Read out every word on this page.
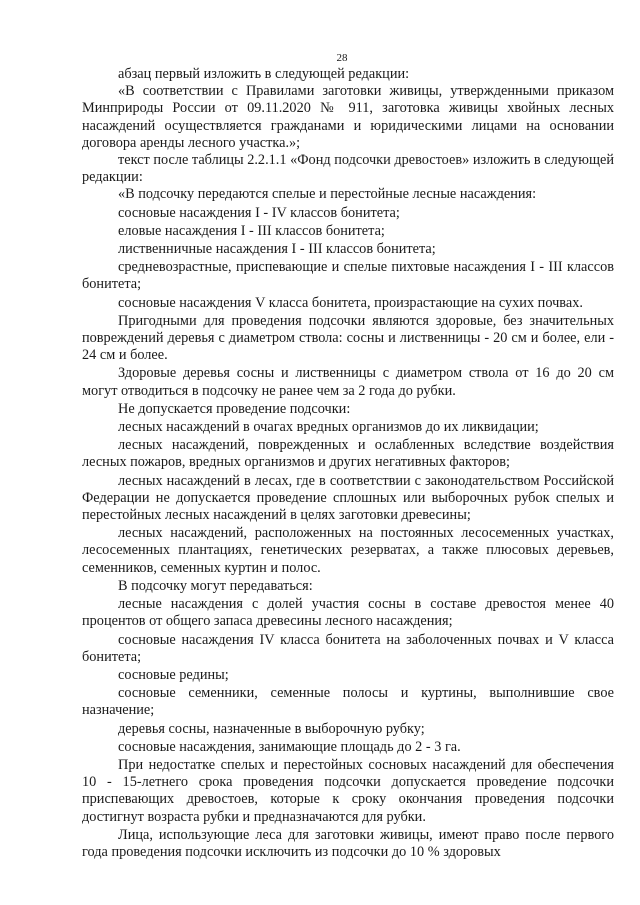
28

абзац первый изложить в следующей редакции:

«В соответствии с Правилами заготовки живицы, утвержденными приказом Минприроды России от 09.11.2020 № 911, заготовка живицы хвойных лесных насаждений осуществляется гражданами и юридическими лицами на основании договора аренды лесного участка.»;

текст после таблицы 2.2.1.1 «Фонд подсочки древостоев» изложить в следующей редакции:

«В подсочку передаются спелые и перестойные лесные насаждения:

сосновые насаждения I - IV классов бонитета;

еловые насаждения I - III классов бонитета;

лиственничные насаждения I - III классов бонитета;

средневозрастные, приспевающие и спелые пихтовые насаждения I - III классов бонитета;

сосновые насаждения V класса бонитета, произрастающие на сухих почвах.

Пригодными для проведения подсочки являются здоровые, без значительных повреждений деревья с диаметром ствола: сосны и лиственницы - 20 см и более, ели - 24 см и более.

Здоровые деревья сосны и лиственницы с диаметром ствола от 16 до 20 см могут отводиться в подсочку не ранее чем за 2 года до рубки.

Не допускается проведение подсочки:

лесных насаждений в очагах вредных организмов до их ликвидации;

лесных насаждений, поврежденных и ослабленных вследствие воздействия лесных пожаров, вредных организмов и других негативных факторов;

лесных насаждений в лесах, где в соответствии с законодательством Российской Федерации не допускается проведение сплошных или выборочных рубок спелых и перестойных лесных насаждений в целях заготовки древесины;

лесных насаждений, расположенных на постоянных лесосеменных участках, лесосеменных плантациях, генетических резерватах, а также плюсовых деревьев, семенников, семенных куртин и полос.

В подсочку могут передаваться:

лесные насаждения с долей участия сосны в составе древостоя менее 40 процентов от общего запаса древесины лесного насаждения;

сосновые насаждения IV класса бонитета на заболоченных почвах и V класса бонитета;

сосновые редины;

сосновые семенники, семенные полосы и куртины, выполнившие свое назначение;

деревья сосны, назначенные в выборочную рубку;

сосновые насаждения, занимающие площадь до 2 - 3 га.

При недостатке спелых и перестойных сосновых насаждений для обеспечения 10 - 15-летнего срока проведения подсочки допускается проведение подсочки приспевающих древостоев, которые к сроку окончания проведения подсочки достигнут возраста рубки и предназначаются для рубки.

Лица, использующие леса для заготовки живицы, имеют право после первого года проведения подсочки исключить из подсочки до 10 % здоровых
